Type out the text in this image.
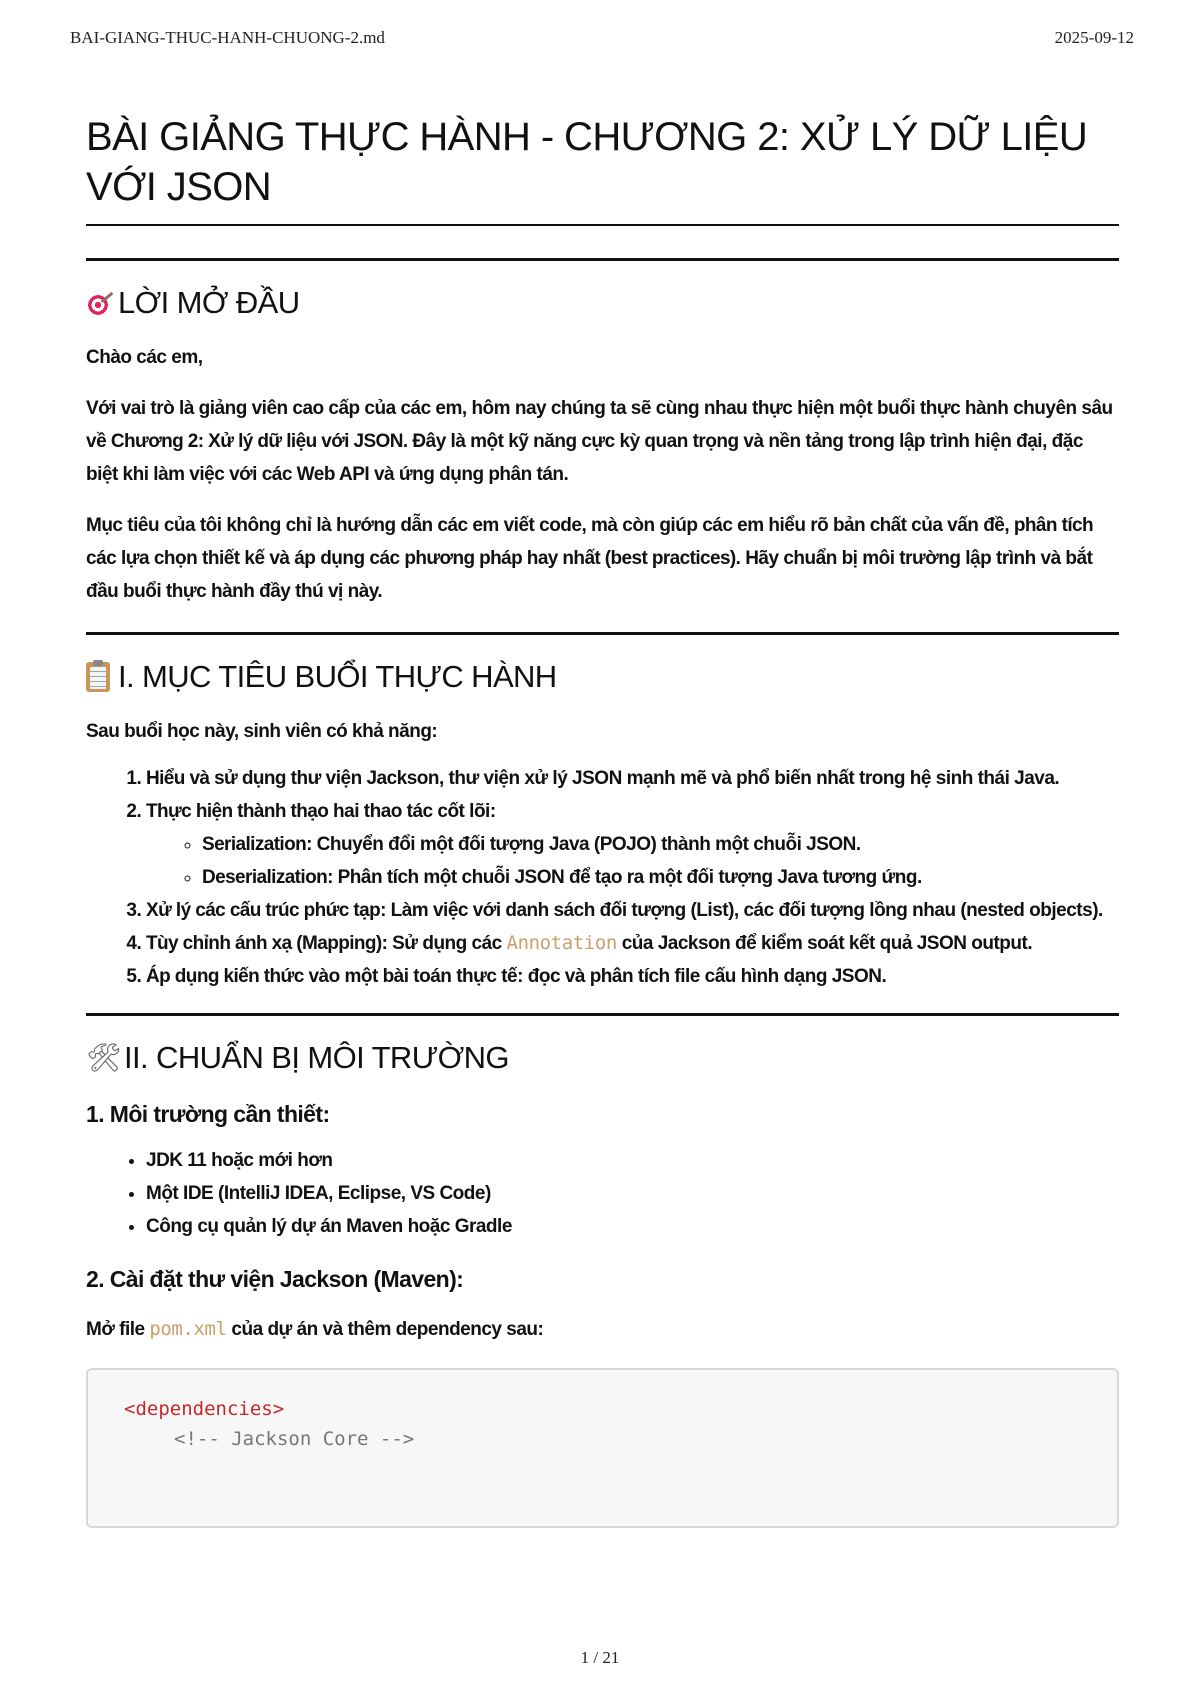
BAI-GIANG-THUC-HANH-CHUONG-2.md	2025-09-12
BÀI GIẢNG THỰC HÀNH - CHƯƠNG 2: XỬ LÝ DỮ LIỆU VỚI JSON
LỜI MỞ ĐẦU

Chào các em,

Với vai trò là giảng viên cao cấp của các em, hôm nay chúng ta sẽ cùng nhau thực hiện một buổi thực hành chuyên sâu về Chương 2: Xử lý dữ liệu với JSON. Đây là một kỹ năng cực kỳ quan trọng và nền tảng trong lập trình hiện đại, đặc biệt khi làm việc với các Web API và ứng dụng phân tán.

Mục tiêu của tôi không chỉ là hướng dẫn các em viết code, mà còn giúp các em hiểu rõ bản chất của vấn đề, phân tích các lựa chọn thiết kế và áp dụng các phương pháp hay nhất (best practices). Hãy chuẩn bị môi trường lập trình và bắt đầu buổi thực hành đầy thú vị này.

I. MỤC TIÊU BUỔI THỰC HÀNH

Sau buổi học này, sinh viên có khả năng:

1. Hiểu và sử dụng thư viện Jackson, thư viện xử lý JSON mạnh mẽ và phổ biến nhất trong hệ sinh thái Java.
2. Thực hiện thành thạo hai thao tác cốt lõi:
◦ Serialization: Chuyển đổi một đối tượng Java (POJO) thành một chuỗi JSON.
◦ Deserialization: Phân tích một chuỗi JSON để tạo ra một đối tượng Java tương ứng.
3. Xử lý các cấu trúc phức tạp: Làm việc với danh sách đối tượng (List), các đối tượng lồng nhau (nested objects).
4. Tùy chỉnh ánh xạ (Mapping): Sử dụng các Annotation của Jackson để kiểm soát kết quả JSON output.
5. Áp dụng kiến thức vào một bài toán thực tế: đọc và phân tích file cấu hình dạng JSON.
🛠 II. CHUẨN BỊ MÔI TRƯỜNG
1. Môi trường cần thiết:
• JDK 11 hoặc mới hơn
• Một IDE (IntelliJ IDEA, Eclipse, VS Code)
• Công cụ quản lý dự án Maven hoặc Gradle
2. Cài đặt thư viện Jackson (Maven):

Mở file pom.xml của dự án và thêm dependency sau:

<dependencies>
<!-- Jackson Core -->
1 / 21
